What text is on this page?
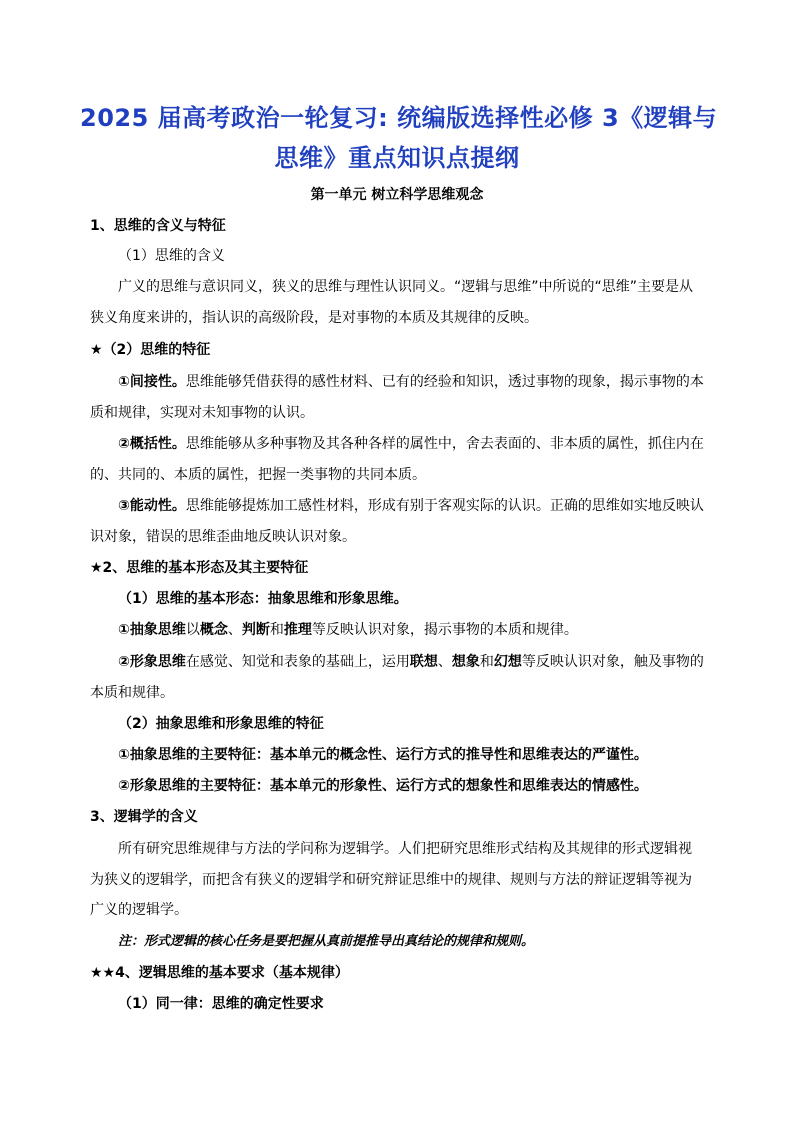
2025 届高考政治一轮复习: 统编版选择性必修 3《逻辑与
思维》重点知识点提纲

第一单元 树立科学思维观念

1、思维的含义与特征

（1）思维的含义

广义的思维与意识同义，狭义的思维与理性认识同义。“逻辑与思维”中所说的“思维”主要是从狭义角度来讲的，指认识的高级阶段，是对事物的本质及其规律的反映。

★（2）思维的特征

①间接性。思维能够凭借获得的感性材料、已有的经验和知识，透过事物的现象，揭示事物的本质和规律，实现对未知事物的认识。

②概括性。思维能够从多种事物及其各种各样的属性中，舍去表面的、非本质的属性，抓住内在的、共同的、本质的属性，把握一类事物的共同本质。

③能动性。思维能够提炼加工感性材料，形成有别于客观实际的认识。正确的思维如实地反映认识对象，错误的思维歪曲地反映认识对象。

★2、思维的基本形态及其主要特征

（1）思维的基本形态：抽象思维和形象思维。

①抽象思维以概念、判断和推理等反映认识对象，揭示事物的本质和规律。

②形象思维在感觉、知觉和表象的基础上，运用联想、想象和幻想等反映认识对象，触及事物的本质和规律。

（2）抽象思维和形象思维的特征

①抽象思维的主要特征：基本单元的概念性、运行方式的推导性和思维表达的严谨性。

②形象思维的主要特征：基本单元的形象性、运行方式的想象性和思维表达的情感性。

3、逻辑学的含义

所有研究思维规律与方法的学问称为逻辑学。人们把研究思维形式结构及其规律的形式逻辑视为狭义的逻辑学，而把含有狭义的逻辑学和研究辩证思维中的规律、规则与方法的辩证逻辑等视为广义的逻辑学。

注：形式逻辑的核心任务是要把握从真前提推导出真结论的规律和规则。

★★4、逻辑思维的基本要求（基本规律）

（1）同一律：思维的确定性要求
